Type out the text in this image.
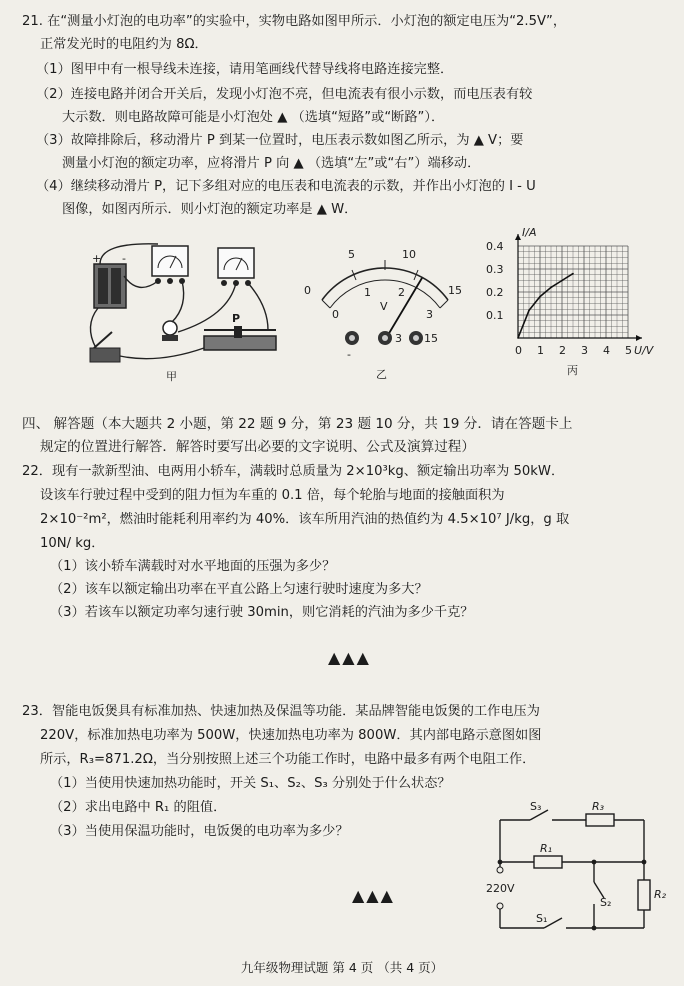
21. 在“测量小灯泡的电功率”的实验中，实物电路如图甲所示．小灯泡的额定电压为“2.5V”，
正常发光时的电阻约为 8Ω．
（1）图甲中有一根导线未连接，请用笔画线代替导线将电路连接完整．
（2）连接电路并闭合开关后，发现小灯泡不亮，但电流表有很小示数，而电压表有较
大示数．则电路故障可能是小灯泡处 ▲ （选填“短路”或“断路”）．
（3）故障排除后，移动滑片 P 到某一位置时，电压表示数如图乙所示，为 ▲ V；要
测量小灯泡的额定功率，应将滑片 P 向 ▲ （选填“左”或“右”）端移动．
（4）继续移动滑片 P，记下多组对应的电压表和电流表的示数，并作出小灯泡的 I - U
图像，如图丙所示．则小灯泡的额定功率是 ▲ W．
+ -
P
甲
5	10
0	15
0
1 2
3
V
-
3 15
乙
0 1 2 3 4 5
0.1
0.2
0.3
0.4
I/A
U/V
丙
四、 解答题（本大题共 2 小题，第 22 题 9 分，第 23 题 10 分，共 19 分．请在答题卡上
规定的位置进行解答．解答时要写出必要的文字说明、公式及演算过程）
22．现有一款新型油、电两用小轿车，满载时总质量为 2×10³kg、额定输出功率为 50kW．
设该车行驶过程中受到的阻力恒为车重的 0.1 倍，每个轮胎与地面的接触面积为
2×10⁻²m²，燃油时能耗利用率约为 40%．该车所用汽油的热值约为 4.5×10⁷ J/kg，g 取
10N/ kg．
（1）该小轿车满载时对水平地面的压强为多少？
（2）该车以额定输出功率在平直公路上匀速行驶时速度为多大？
（3）若该车以额定功率匀速行驶 30min，则它消耗的汽油为多少千克？
▲▲▲
23．智能电饭煲具有标准加热、快速加热及保温等功能．某品牌智能电饭煲的工作电压为
220V，标准加热电功率为 500W，快速加热电功率为 800W．其内部电路示意图如图
所示，R₃=871.2Ω，当分别按照上述三个功能工作时，电路中最多有两个电阻工作．
（1）当使用快速加热功能时，开关 S₁、S₂、S₃ 分别处于什么状态？
（2）求出电路中 R₁ 的阻值．
（3）当使用保温功能时，电饭煲的电功率为多少？
▲▲▲
S₃	R₃
R₁
S₂
R₂
S₁
220V
九年级物理试题 第 4 页 （共 4 页）
